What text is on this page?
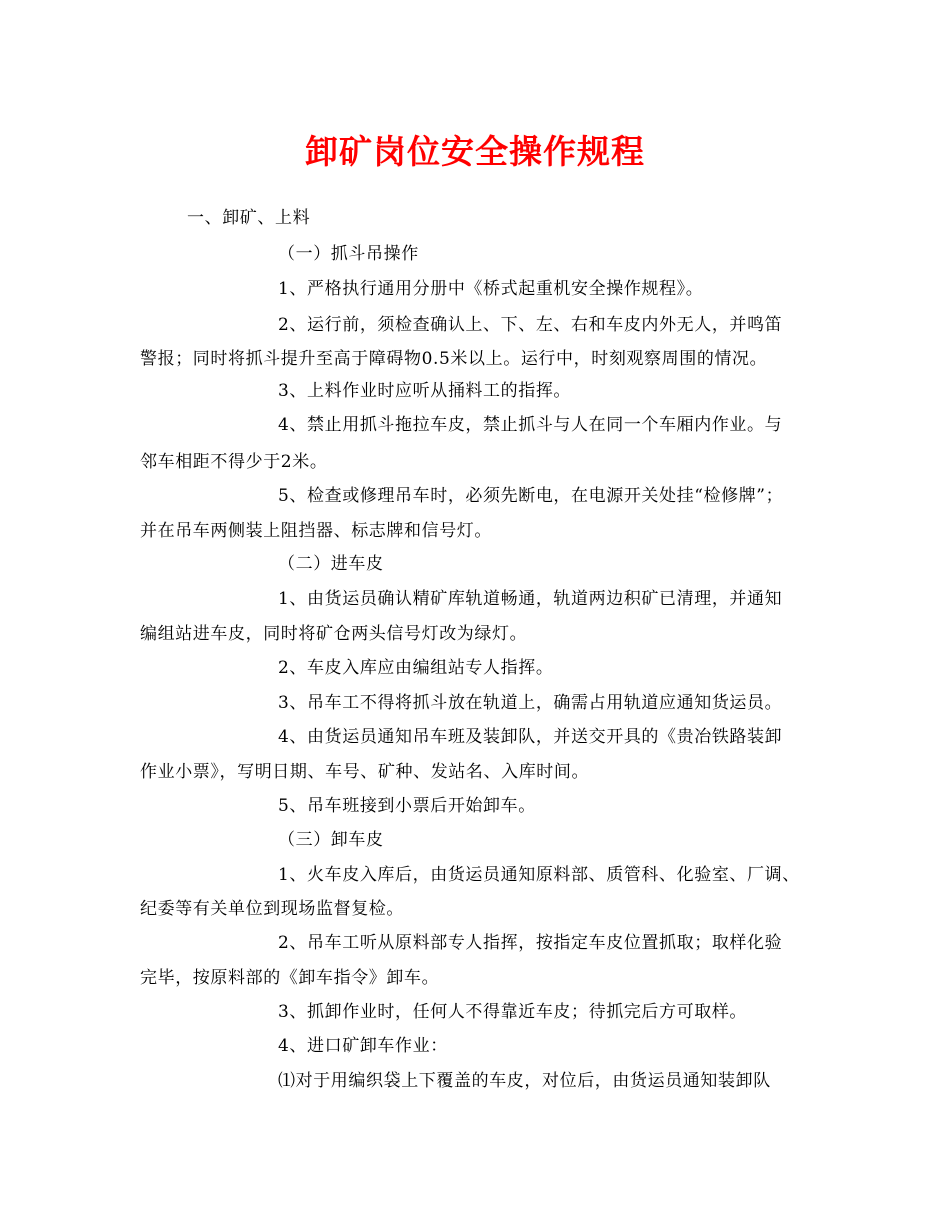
卸矿岗位安全操作规程
一、卸矿、上料
（一）抓斗吊操作
1、严格执行通用分册中《桥式起重机安全操作规程》。
2、运行前，须检查确认上、下、左、右和车皮内外无人，并鸣笛
警报；同时将抓斗提升至高于障碍物0.5米以上。运行中，时刻观察周围的情况。
3、上料作业时应听从捅料工的指挥。
4、禁止用抓斗拖拉车皮，禁止抓斗与人在同一个车厢内作业。与
邻车相距不得少于2米。
5、检查或修理吊车时，必须先断电，在电源开关处挂“检修牌”；
并在吊车两侧装上阻挡器、标志牌和信号灯。
（二）进车皮
1、由货运员确认精矿库轨道畅通，轨道两边积矿已清理，并通知
编组站进车皮，同时将矿仓两头信号灯改为绿灯。
2、车皮入库应由编组站专人指挥。
3、吊车工不得将抓斗放在轨道上，确需占用轨道应通知货运员。
4、由货运员通知吊车班及装卸队，并送交开具的《贵冶铁路装卸
作业小票》，写明日期、车号、矿种、发站名、入库时间。
5、吊车班接到小票后开始卸车。
（三）卸车皮
1、火车皮入库后，由货运员通知原料部、质管科、化验室、厂调、
纪委等有关单位到现场监督复检。
2、吊车工听从原料部专人指挥，按指定车皮位置抓取；取样化验
完毕，按原料部的《卸车指令》卸车。
3、抓卸作业时，任何人不得靠近车皮；待抓完后方可取样。
4、进口矿卸车作业：
⑴对于用编织袋上下覆盖的车皮，对位后，由货运员通知装卸队
